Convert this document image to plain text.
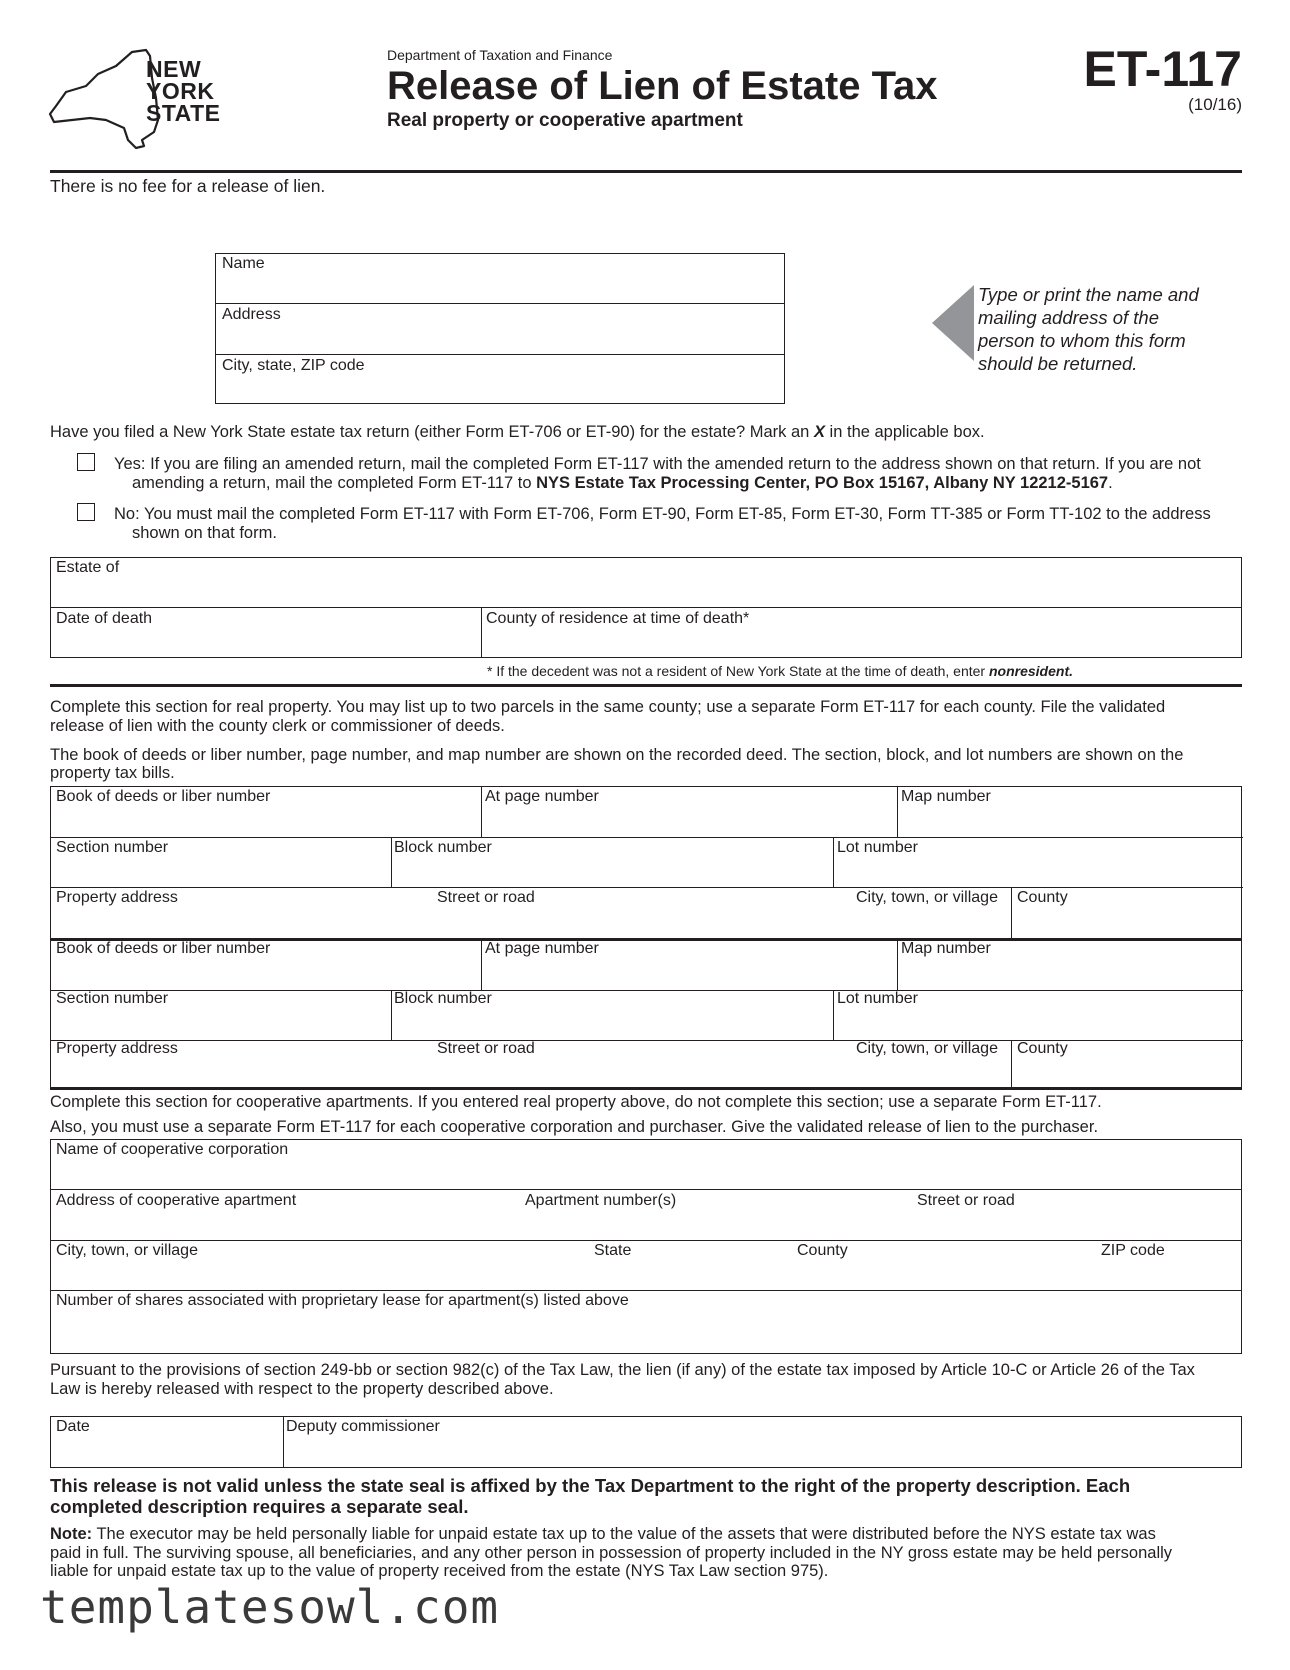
NEW
YORK
STATE
Department of Taxation and Finance
Release of Lien of Estate Tax
Real property or cooperative apartment
ET-117
(10/16)
There is no fee for a release of lien.
Name
Address
City, state, ZIP code
Type or print the name and mailing address of the person to whom this form should be returned.
Have you filed a New York State estate tax return (either Form ET-706 or ET-90) for the estate? Mark an X in the applicable box.
Yes: If you are filing an amended return, mail the completed Form ET-117 with the amended return to the address shown on that return. If you are not
amending a return, mail the completed Form ET-117 to NYS Estate Tax Processing Center, PO Box 15167, Albany NY 12212-5167.
No: You must mail the completed Form ET-117 with Form ET-706, Form ET-90, Form ET-85, Form ET-30, Form TT-385 or Form TT-102 to the address
shown on that form.
Estate of
Date of death	County of residence at time of death*
* If the decedent was not a resident of New York State at the time of death, enter nonresident.
Complete this section for real property. You may list up to two parcels in the same county; use a separate Form ET-117 for each county. File the validated
release of lien with the county clerk or commissioner of deeds.
The book of deeds or liber number, page number, and map number are shown on the recorded deed. The section, block, and lot numbers are shown on the
property tax bills.
Book of deeds or liber number	At page number	Map number
Section number	Block number	Lot number
Property address	Street or road	City, town, or village County
Book of deeds or liber number	At page number	Map number
Section number	Block number	Lot number
Property address	Street or road	City, town, or village County
Complete this section for cooperative apartments. If you entered real property above, do not complete this section; use a separate Form ET-117.
Also, you must use a separate Form ET-117 for each cooperative corporation and purchaser. Give the validated release of lien to the purchaser.
Name of cooperative corporation
Address of cooperative apartment	Apartment number(s)	Street or road
City, town, or village	State	County	ZIP code
Number of shares associated with proprietary lease for apartment(s) listed above
Pursuant to the provisions of section 249-bb or section 982(c) of the Tax Law, the lien (if any) of the estate tax imposed by Article 10-C or Article 26 of the Tax
Law is hereby released with respect to the property described above.
Date	Deputy commissioner
This release is not valid unless the state seal is affixed by the Tax Department to the right of the property description. Each
completed description requires a separate seal.
Note: The executor may be held personally liable for unpaid estate tax up to the value of the assets that were distributed before the NYS estate tax was
paid in full. The surviving spouse, all beneficiaries, and any other person in possession of property included in the NY gross estate may be held personally
liable for unpaid estate tax up to the value of property received from the estate (NYS Tax Law section 975).
templatesowl.com
